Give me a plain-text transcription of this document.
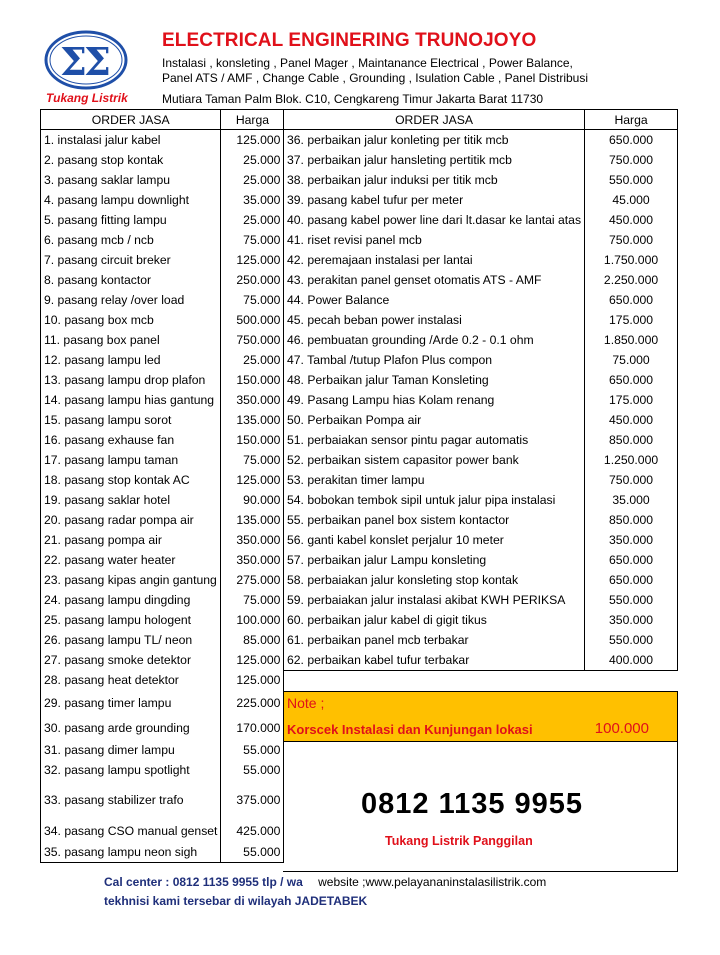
Σ
Σ
Tukang Listrik
ELECTRICAL ENGINERING TRUNOJOYO
Instalasi , konsleting , Panel Mager , Maintanance Electrical , Power Balance,
Panel ATS / AMF , Change Cable , Grounding , Isulation Cable , Panel Distribusi
Mutiara Taman Palm Blok. C10, Cengkareng Timur Jakarta Barat 11730
ORDER JASA	Harga
1. instalasi jalur kabel	125.000
2. pasang stop kontak	25.000
3. pasang saklar lampu	25.000
4. pasang lampu downlight	35.000
5. pasang fitting lampu	25.000
6. pasang mcb / ncb	75.000
7. pasang circuit breker	125.000
8. pasang kontactor	250.000
9. pasang relay /over load	75.000
10. pasang box mcb	500.000
11. pasang box panel	750.000
12. pasang lampu led	25.000
13. pasang lampu drop plafon	150.000
14. pasang lampu hias gantung	350.000
15. pasang lampu sorot	135.000
16. pasang exhause fan	150.000
17. pasang lampu taman	75.000
18. pasang stop kontak AC	125.000
19. pasang saklar hotel	90.000
20. pasang radar pompa air	135.000
21. pasang pompa air	350.000
22. pasang water heater	350.000
23. pasang kipas angin gantung	275.000
24. pasang lampu dingding	75.000
25. pasang lampu hologent	100.000
26. pasang lampu TL/ neon	85.000
27. pasang smoke detektor	125.000
28. pasang heat detektor	125.000
29. pasang timer lampu	225.000
30. pasang arde grounding	170.000
31. pasang dimer lampu	55.000
32. pasang lampu spotlight	55.000
33. pasang stabilizer trafo	375.000
34. pasang CSO manual genset	425.000
35. pasang lampu neon sigh	55.000
ORDER JASA	Harga
36. perbaikan jalur konleting per titik mcb	650.000
37. perbaikan jalur hansleting pertitik mcb	750.000
38. perbaikan jalur induksi per titik mcb	550.000
39. pasang kabel tufur per meter	45.000
40. pasang kabel power line dari lt.dasar ke lantai atas	450.000
41. riset revisi panel mcb	750.000
42. peremajaan instalasi per lantai	1.750.000
43. perakitan panel genset otomatis ATS - AMF	2.250.000
44. Power Balance	650.000
45. pecah beban power instalasi	175.000
46. pembuatan grounding /Arde 0.2 - 0.1 ohm	1.850.000
47. Tambal /tutup Plafon Plus compon	75.000
48. Perbaikan jalur Taman Konsleting	650.000
49. Pasang Lampu hias Kolam renang	175.000
50. Perbaikan Pompa air	450.000
51. perbaiakan sensor pintu pagar automatis	850.000
52. perbaikan sistem capasitor power bank	1.250.000
53. perakitan timer lampu	750.000
54. bobokan tembok sipil untuk jalur pipa instalasi	35.000
55. perbaikan panel box sistem kontactor	850.000
56. ganti kabel konslet perjalur 10 meter	350.000
57. perbaikan jalur Lampu konsleting	650.000
58. perbaiakan jalur konsleting stop kontak	650.000
59. perbaiakan jalur instalasi akibat KWH PERIKSA	550.000
60. perbaikan jalur kabel di gigit tikus	350.000
61. perbaikan panel mcb terbakar	550.000
62. perbaikan kabel tufur terbakar	400.000
Note ;
Korscek Instalasi dan Kunjungan lokasi	100.000
0812 1135 9955
Tukang Listrik Panggilan
Cal center : 0812 1135 9955 tlp / wa website ;www.pelayananinstalasilistrik.com
tekhnisi kami tersebar di wilayah JADETABEK
